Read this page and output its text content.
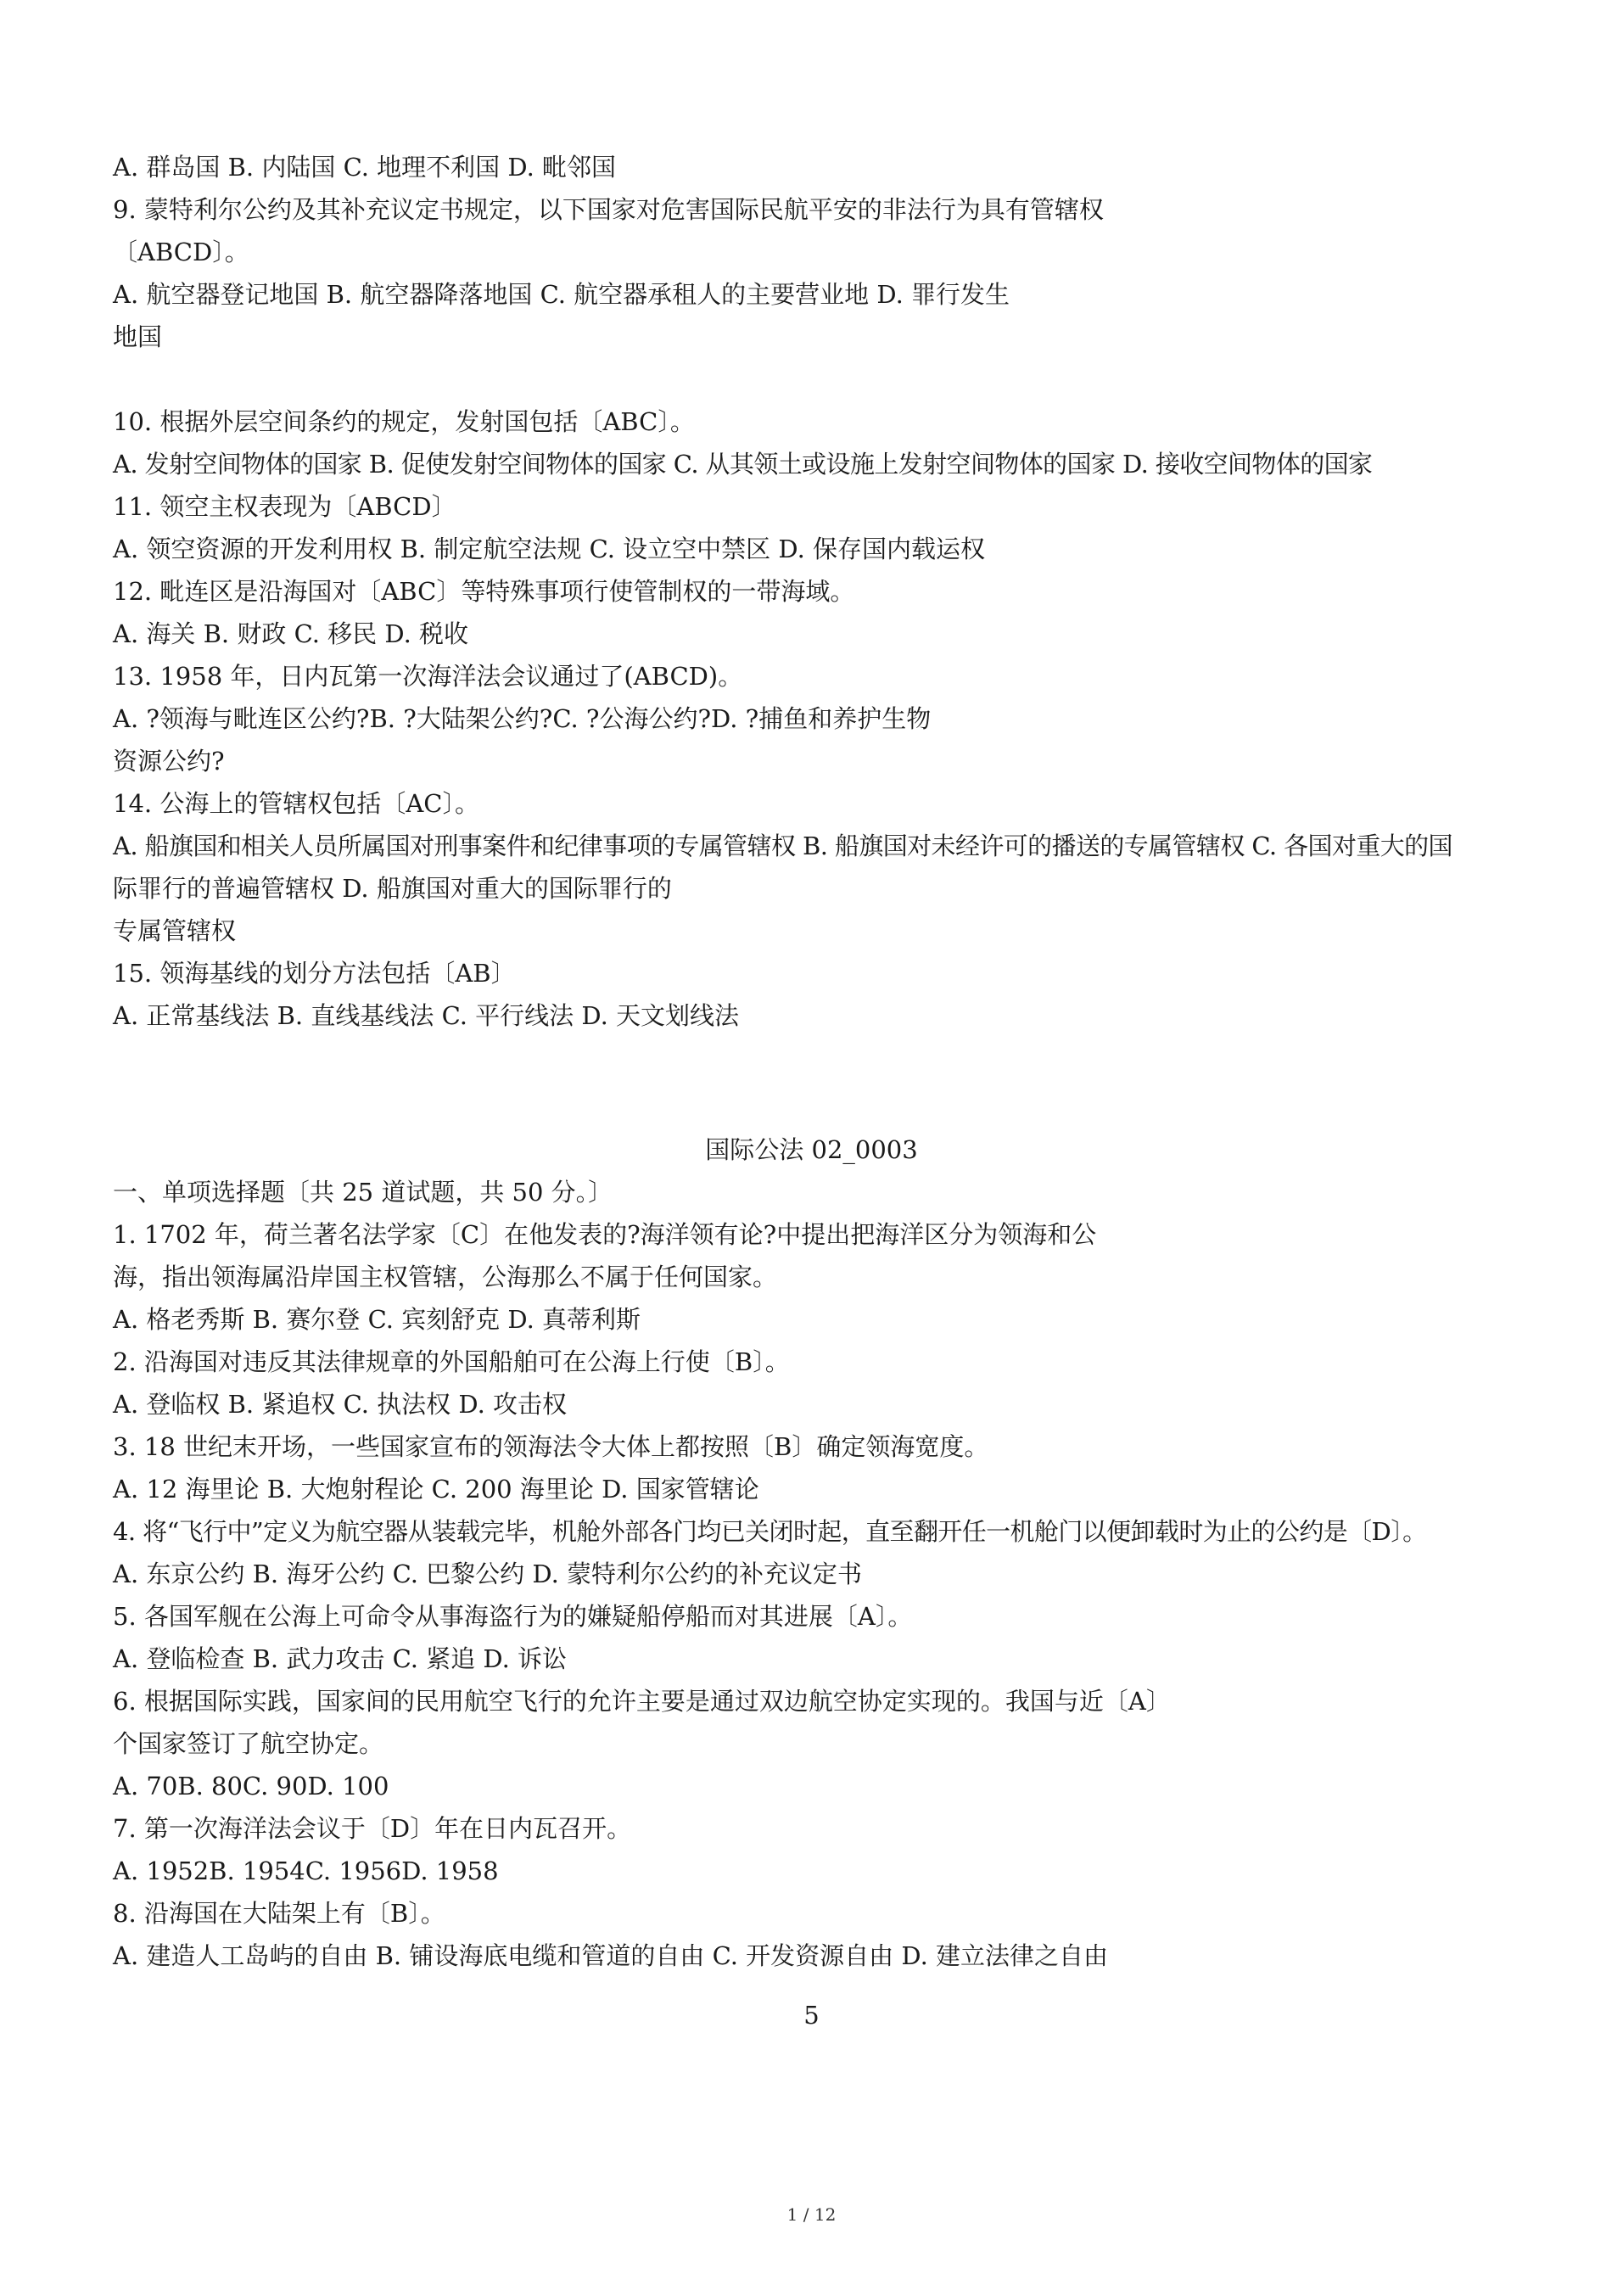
A. 群岛国 B. 内陆国 C. 地理不利国 D. 毗邻国
9. 蒙特利尔公约及其补充议定书规定，以下国家对危害国际民航平安的非法行为具有管辖权
〔ABCD〕。
A. 航空器登记地国 B. 航空器降落地国 C. 航空器承租人的主要营业地 D. 罪行发生
地国
10. 根据外层空间条约的规定，发射国包括〔ABC〕。
A. 发射空间物体的国家 B. 促使发射空间物体的国家 C. 从其领土或设施上发射空间物体的国家 D. 接收空间物体的国家
11. 领空主权表现为〔ABCD〕
A. 领空资源的开发利用权 B. 制定航空法规 C. 设立空中禁区 D. 保存国内载运权
12. 毗连区是沿海国对〔ABC〕等特殊事项行使管制权的一带海域。
A. 海关 B. 财政 C. 移民 D. 税收
13. 1958 年，日内瓦第一次海洋法会议通过了(ABCD)。
A. ?领海与毗连区公约?B. ?大陆架公约?C. ?公海公约?D. ?捕鱼和养护生物
资源公约?
14. 公海上的管辖权包括〔AC〕。
A. 船旗国和相关人员所属国对刑事案件和纪律事项的专属管辖权 B. 船旗国对未经许可的播送的专属管辖权 C. 各国对重大的国
际罪行的普遍管辖权 D. 船旗国对重大的国际罪行的
专属管辖权
15. 领海基线的划分方法包括〔AB〕
A. 正常基线法 B. 直线基线法 C. 平行线法 D. 天文划线法
国际公法 02_0003
一、单项选择题〔共 25 道试题，共 50 分。〕
1. 1702 年，荷兰著名法学家〔C〕在他发表的?海洋领有论?中提出把海洋区分为领海和公
海，指出领海属沿岸国主权管辖，公海那么不属于任何国家。
A. 格老秀斯 B. 赛尔登 C. 宾刻舒克 D. 真蒂利斯
2. 沿海国对违反其法律规章的外国船舶可在公海上行使〔B〕。
A. 登临权 B. 紧追权 C. 执法权 D. 攻击权
3. 18 世纪末开场，一些国家宣布的领海法令大体上都按照〔B〕确定领海宽度。
A. 12 海里论 B. 大炮射程论 C. 200 海里论 D. 国家管辖论
4. 将“飞行中”定义为航空器从装载完毕，机舱外部各门均已关闭时起，直至翻开任一机舱门以便卸载时为止的公约是〔D〕。
A. 东京公约 B. 海牙公约 C. 巴黎公约 D. 蒙特利尔公约的补充议定书
5. 各国军舰在公海上可命令从事海盗行为的嫌疑船停船而对其进展〔A〕。
A. 登临检查 B. 武力攻击 C. 紧追 D. 诉讼
6. 根据国际实践，国家间的民用航空飞行的允许主要是通过双边航空协定实现的。我国与近〔A〕
个国家签订了航空协定。
A. 70B. 80C. 90D. 100
7. 第一次海洋法会议于〔D〕年在日内瓦召开。
A. 1952B. 1954C. 1956D. 1958
8. 沿海国在大陆架上有〔B〕。
A. 建造人工岛屿的自由 B. 铺设海底电缆和管道的自由 C. 开发资源自由 D. 建立法律之自由
5
1 / 12
